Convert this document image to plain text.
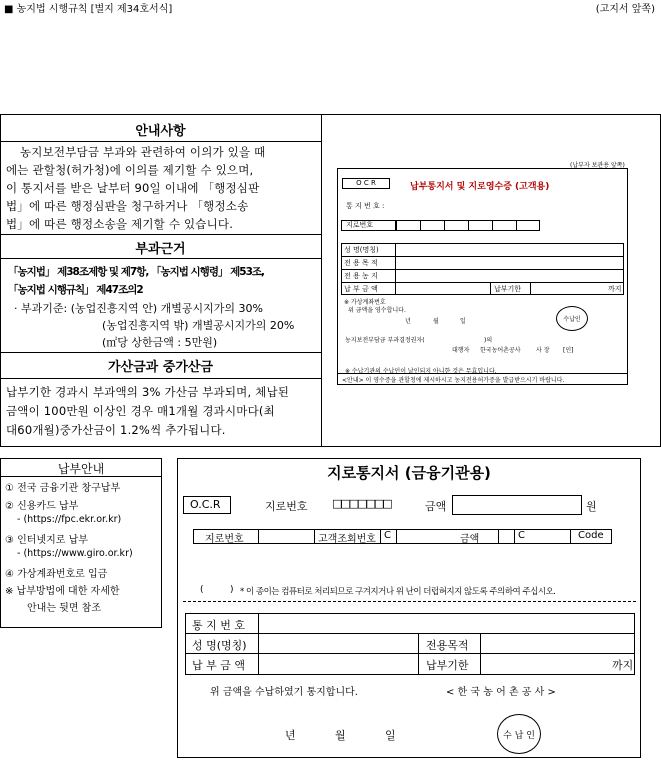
■ 농지법 시행규칙 [별지 제34호서식]	(고지서 앞쪽)
안내사항
농지보전부담금 부과와 관련하여 이의가 있을 때
에는 관할청(허가청)에 이의를 제기할 수 있으며,
이 통지서를 받은 날부터 90일 이내에 「행정심판
법」에 따른 행정심판을 청구하거나 「행정소송
법」에 따른 행정소송을 제기할 수 있습니다.
부과근거
「농지법」 제38조제항 및 제7항, 「농지법 시행령」 제53조,
「농지법 시행규칙」 제47조의2
· 부과기준: (농업진흥지역 안) 개별공시지가의 30%
(농업진흥지역 밖) 개별공시지가의 20%
(㎡당 상한금액 : 5만원)
가산금과 중가산금
납부기한 경과시 부과액의 3% 가산금 부과되며, 체납된
금액이 100만원 이상인 경우 매1개월 경과시마다(최
대60개월)중가산금이 1.2%씩 추가됩니다.
(납부자 보관용 앞쪽)
O C R	납부통지서 및 지로영수증 (고객용)
통 지 번 호 :
지로번호
성 명(명칭)
전 용 목 적
전 용 농 지
납 부 금 액	납부기한	까지
※ 가상계좌번호
위 금액을 영수합니다.
년	월	일	수납인
농지보전부담금 부과결정권자(	)의
대행자 한국농어촌공사	사 장 [인]
※ 수납기관의 수납인이 날인되지 아니한 것은 무효입니다.
<안내> 이 영수증을 관할청에 제시하시고 농지전용허가증을 발급받으시기 바랍니다.
납부안내
① 전국 금융기관 창구납부
② 신용카드 납부
- (https://fpc.ekr.or.kr)
③ 인터넷지로 납부
- (https://www.giro.or.kr)
④ 가상계좌번호로 입금
※ 납부방법에 대한 자세한
안내는 뒷면 참조
지로통지서 (금융기관용)
O.C.R	지로번호 □□□□□□□	금액	원
지로번호	고객조회번호 C	금액	C	Code
(	) * 이 종이는 컴퓨터로 처리되므로 구겨지거나 위 난이 더럽혀지지 않도록 주의하여 주십시오.
통 지 번 호
성 명(명칭)	전용목적
납 부 금 액	납부기한	까지
위 금액을 수납하였기 통지합니다.	< 한 국 농 어 촌 공 사 >
년	월	일	수 납 인
